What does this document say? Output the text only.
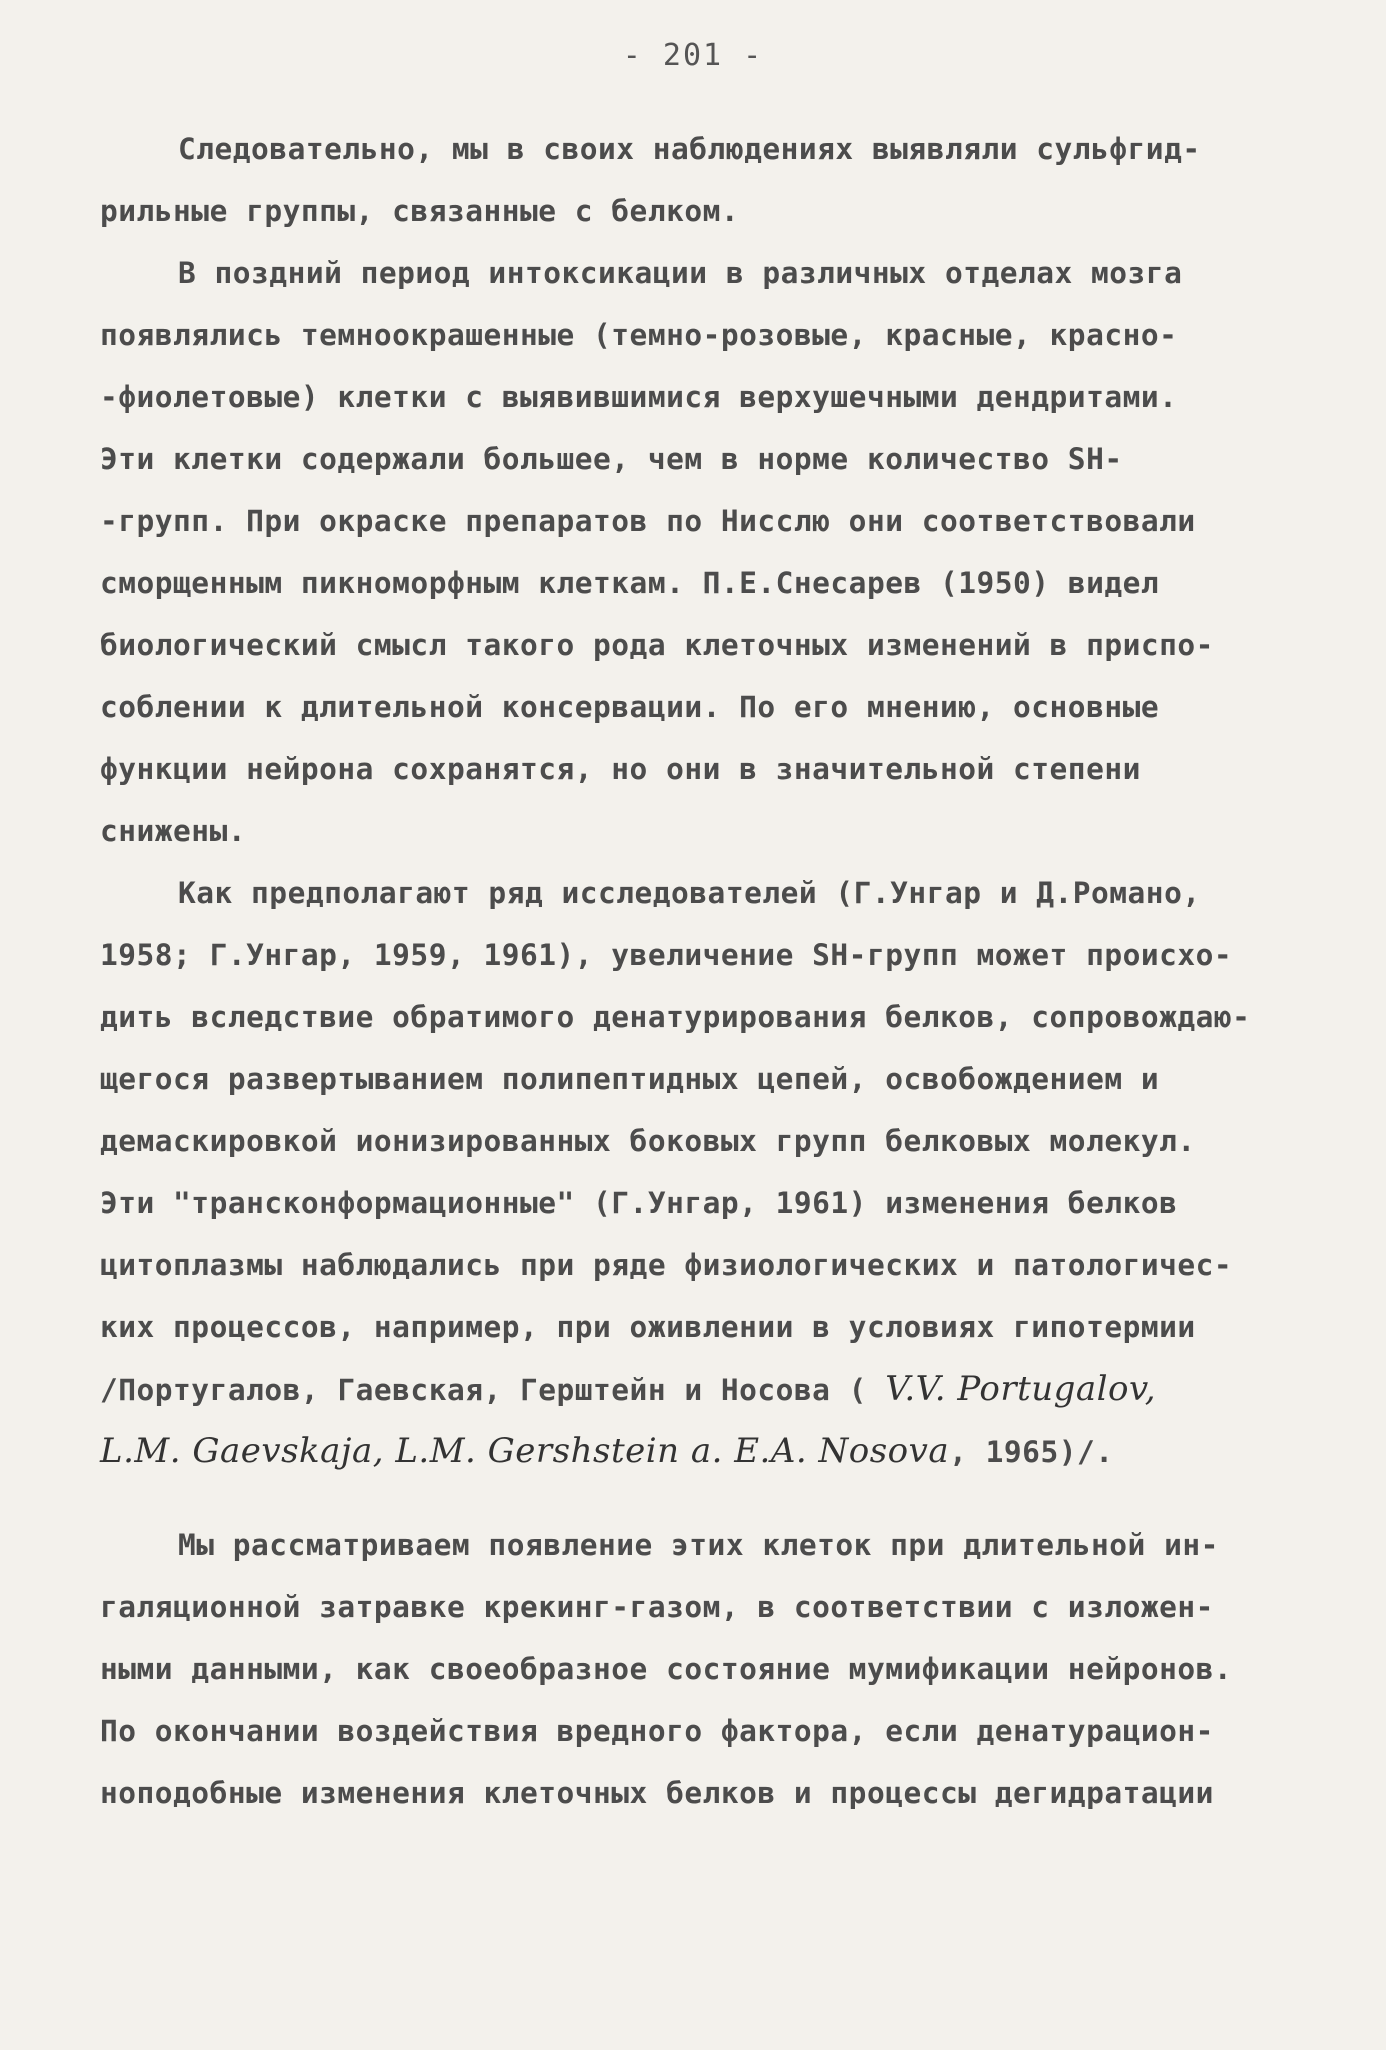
- 201 -
Следовательно, мы в своих наблюдениях выявляли сульфгид-
рильные группы, связанные с белком.
В поздний период интоксикации в различных отделах мозга
появлялись темноокрашенные (темно-розовые, красные, красно-
-фиолетовые) клетки с выявившимися верхушечными дендритами.
Эти клетки содержали большее, чем в норме количество SH-
-групп. При окраске препаратов по Нисслю они соответствовали
сморщенным пикноморфным клеткам. П.Е.Снесарев (1950) видел
биологический смысл такого рода клеточных изменений в приспо-
соблении к длительной консервации. По его мнению, основные
функции нейрона сохранятся, но они в значительной степени
снижены.
Как предполагают ряд исследователей (Г.Унгар и Д.Романо,
1958; Г.Унгар, 1959, 1961), увеличение SH-групп может происхо-
дить вследствие обратимого денатурирования белков, сопровождаю-
щегося развертыванием полипептидных цепей, освобождением и
демаскировкой ионизированных боковых групп белковых молекул.
Эти "трансконформационные" (Г.Унгар, 1961) изменения белков
цитоплазмы наблюдались при ряде физиологических и патологичес-
ких процессов, например, при оживлении в условиях гипотермии
/Португалов, Гаевская, Герштейн и Носова ( V.V. Portugalov,
L.M. Gaevskaja, L.M. Gershstein a. E.A. Nosova, 1965)/.
Мы рассматриваем появление этих клеток при длительной ин-
галяционной затравке крекинг-газом, в соответствии с изложен-
ными данными, как своеобразное состояние мумификации нейронов.
По окончании воздействия вредного фактора, если денатурацион-
ноподобные изменения клеточных белков и процессы дегидратации
